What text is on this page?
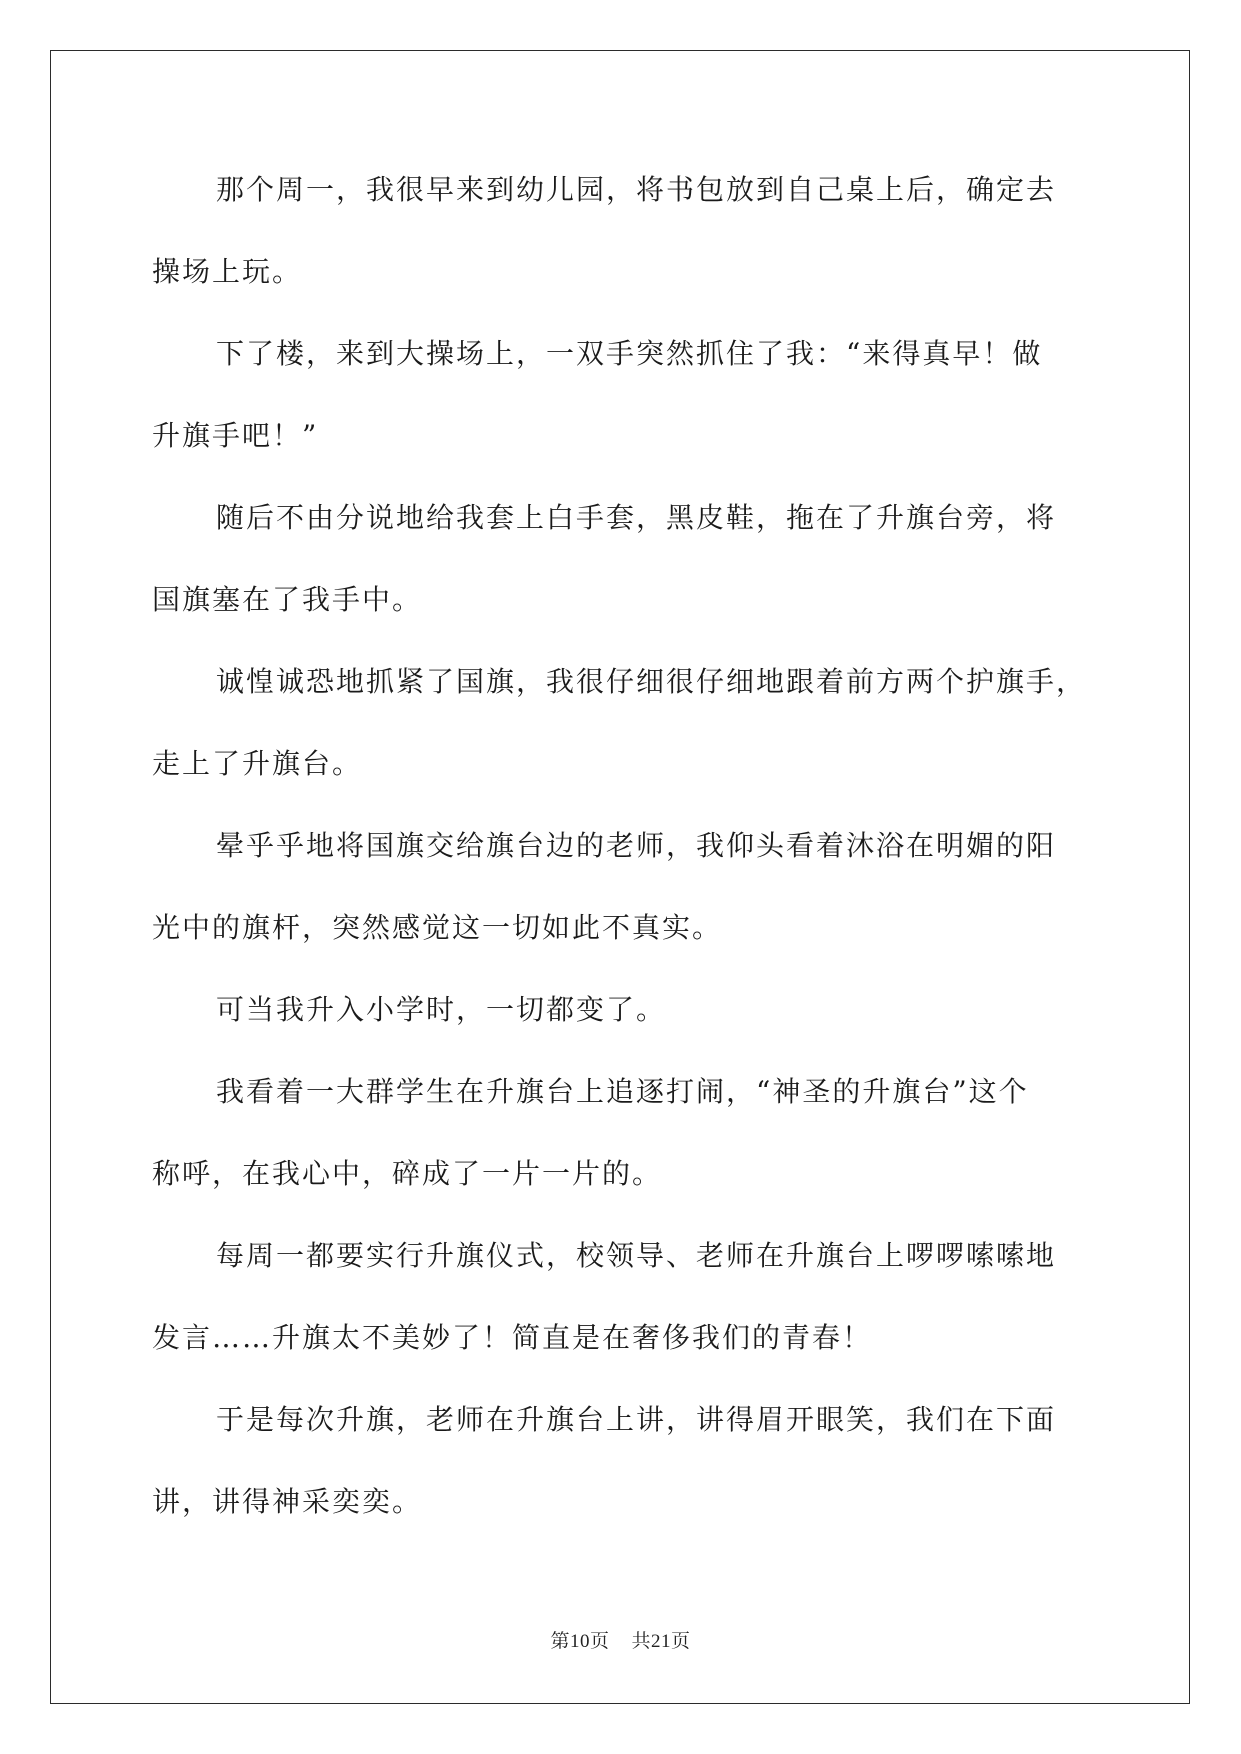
那个周一，我很早来到幼儿园，将书包放到自己桌上后，确定去
操场上玩。
下了楼，来到大操场上，一双手突然抓住了我：“来得真早！做
升旗手吧！”
随后不由分说地给我套上白手套，黑皮鞋，拖在了升旗台旁，将
国旗塞在了我手中。
诚惶诚恐地抓紧了国旗，我很仔细很仔细地跟着前方两个护旗手，
走上了升旗台。
晕乎乎地将国旗交给旗台边的老师，我仰头看着沐浴在明媚的阳
光中的旗杆，突然感觉这一切如此不真实。
可当我升入小学时，一切都变了。
我看着一大群学生在升旗台上追逐打闹，“神圣的升旗台”这个
称呼，在我心中，碎成了一片一片的。
每周一都要实行升旗仪式，校领导、老师在升旗台上啰啰嗦嗦地
发言……升旗太不美妙了！简直是在奢侈我们的青春！
于是每次升旗，老师在升旗台上讲，讲得眉开眼笑，我们在下面
讲，讲得神采奕奕。
第10页 共21页
